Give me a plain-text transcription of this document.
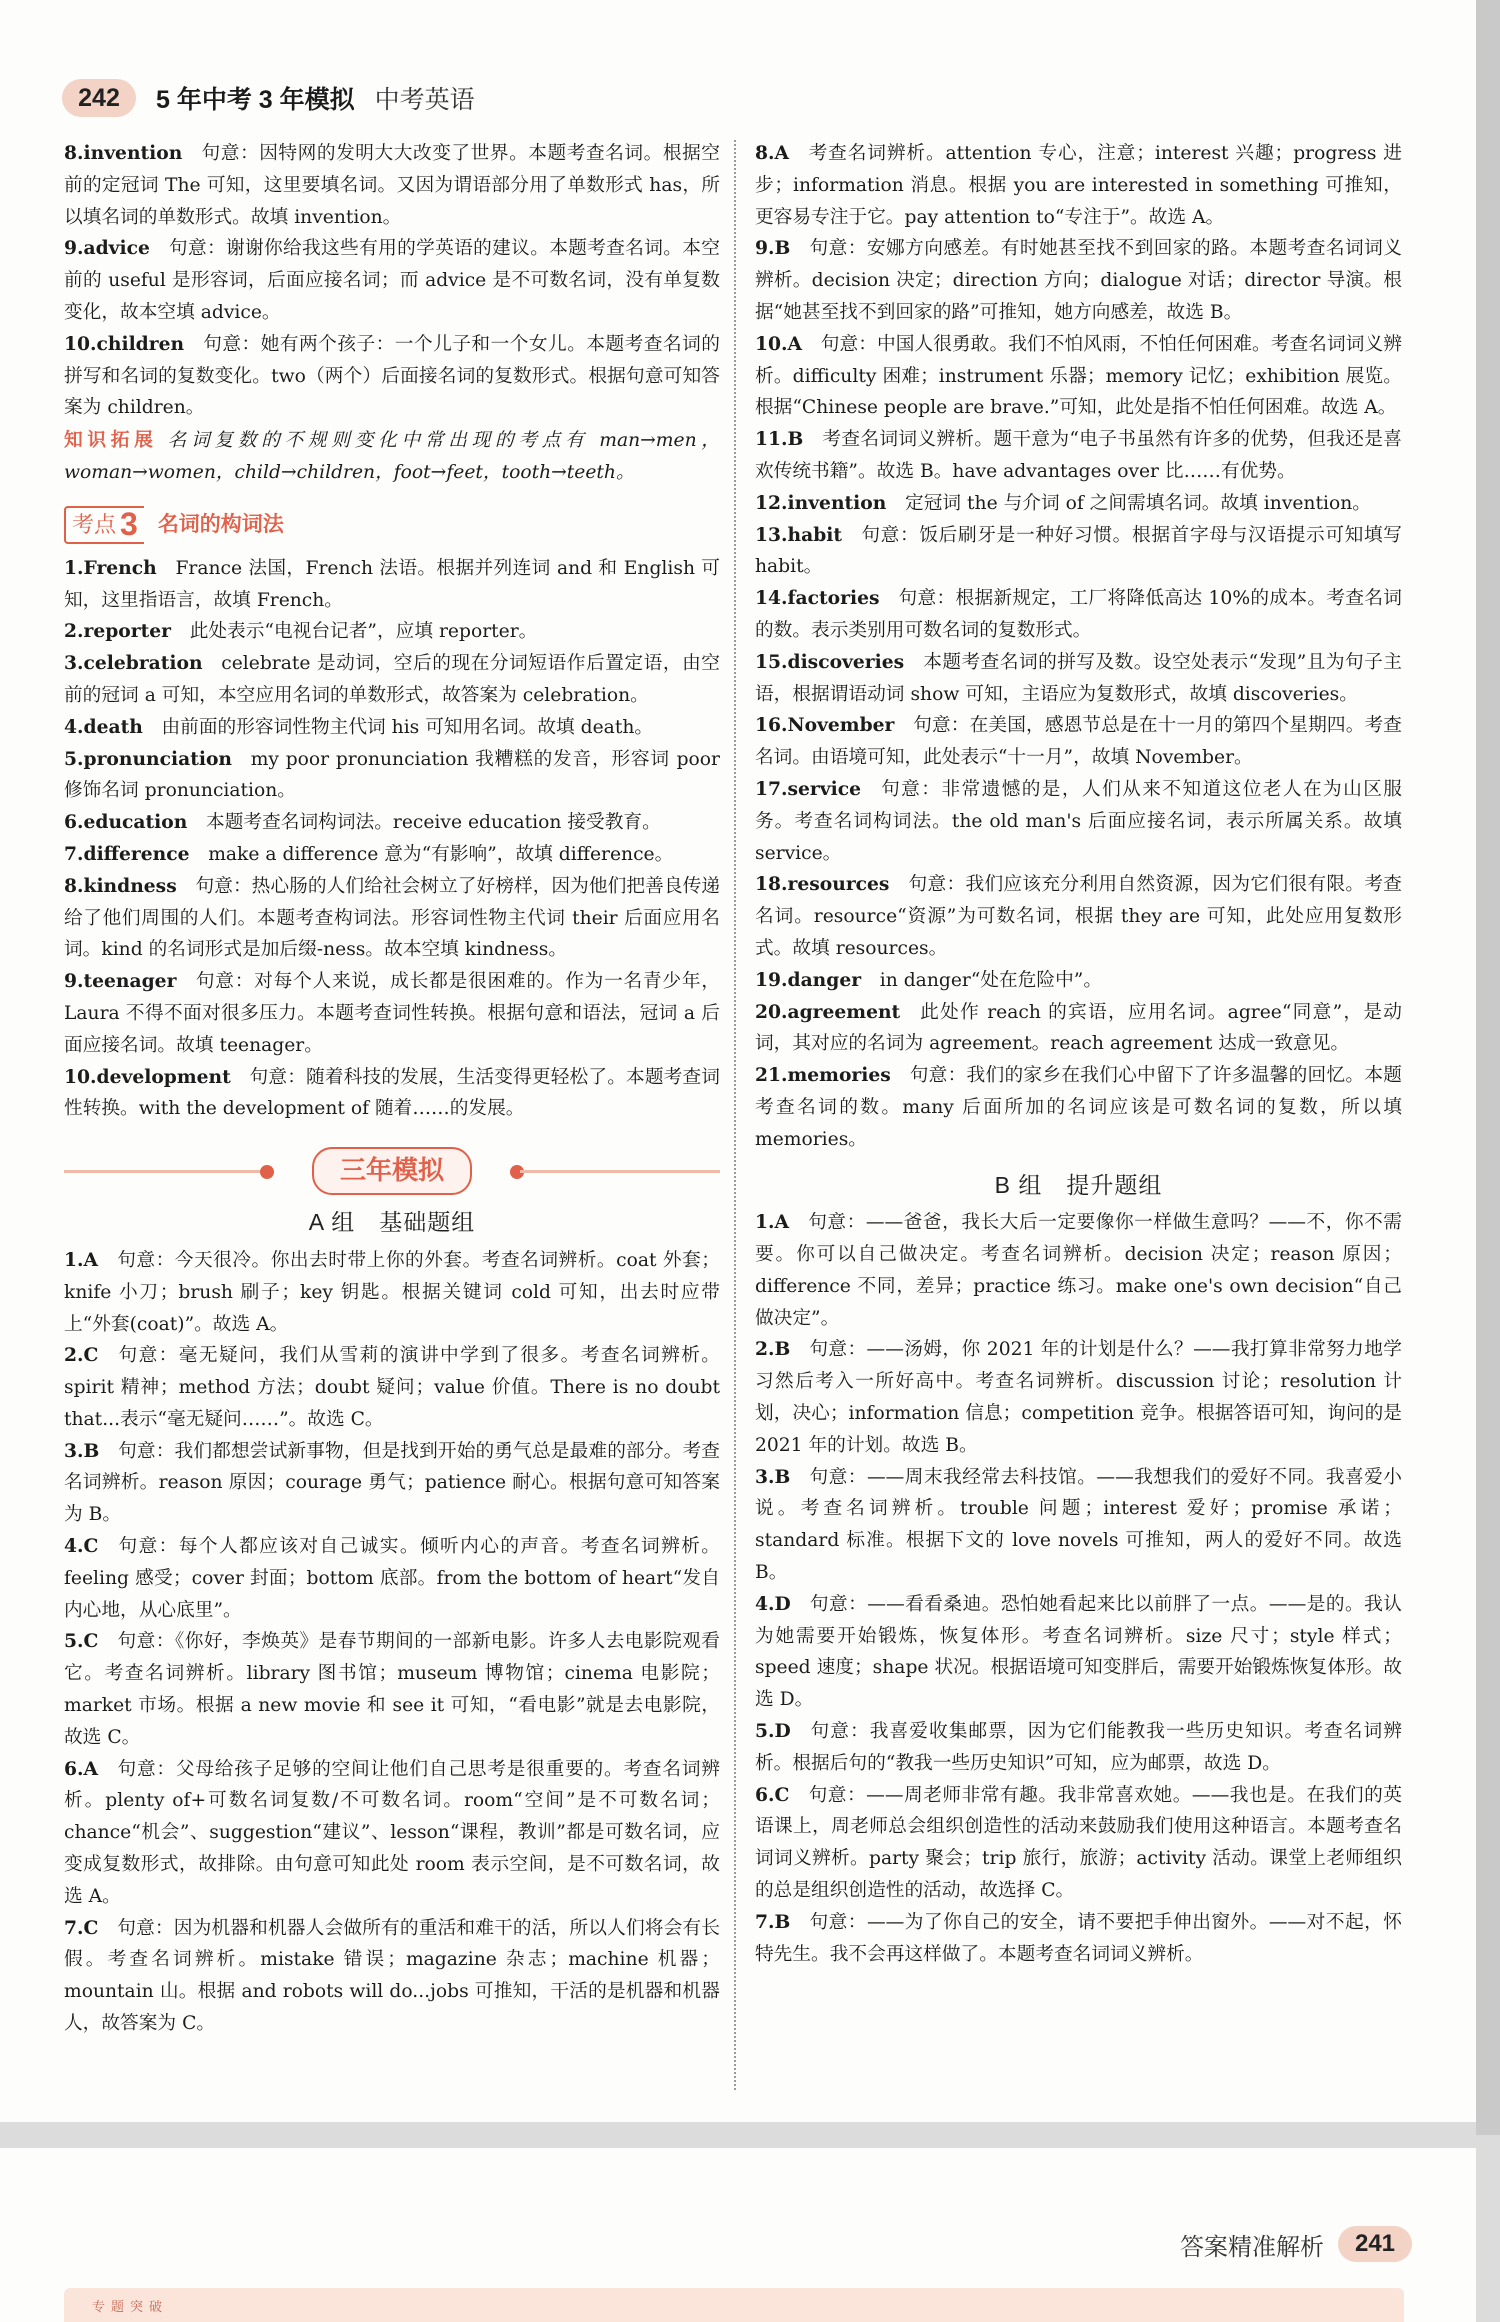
242	5 年中考 3 年模拟 中考英语

8.invention  句意：因特网的发明大大改变了世界。本题考查名词。根据空前的定冠词 The 可知，这里要填名词。又因为谓语部分用了单数形式 has，所以填名词的单数形式。故填 invention。

9.advice  句意：谢谢你给我这些有用的学英语的建议。本题考查名词。本空前的 useful 是形容词，后面应接名词；而 advice 是不可数名词，没有单复数变化，故本空填 advice。

10.children  句意：她有两个孩子：一个儿子和一个女儿。本题考查名词的拼写和名词的复数变化。two（两个）后面接名词的复数形式。根据句意可知答案为 children。

知识拓展 名词复数的不规则变化中常出现的考点有 man→men，woman→women，child→children，foot→feet，tooth→teeth。

考点 3 名词的构词法

1.French  France 法国，French 法语。根据并列连词 and 和 English 可知，这里指语言，故填 French。

2.reporter  此处表示“电视台记者”，应填 reporter。

3.celebration  celebrate 是动词，空后的现在分词短语作后置定语，由空前的冠词 a 可知，本空应用名词的单数形式，故答案为 celebration。

4.death  由前面的形容词性物主代词 his 可知用名词。故填 death。

5.pronunciation  my poor pronunciation 我糟糕的发音，形容词 poor 修饰名词 pronunciation。

6.education  本题考查名词构词法。receive education 接受教育。

7.difference  make a difference 意为“有影响”，故填 difference。

8.kindness  句意：热心肠的人们给社会树立了好榜样，因为他们把善良传递给了他们周围的人们。本题考查构词法。形容词性物主代词 their 后面应用名词。kind 的名词形式是加后缀-ness。故本空填 kindness。

9.teenager  句意：对每个人来说，成长都是很困难的。作为一名青少年，Laura 不得不面对很多压力。本题考查词性转换。根据句意和语法，冠词 a 后面应接名词。故填 teenager。

10.development  句意：随着科技的发展，生活变得更轻松了。本题考查词性转换。with the development of 随着……的发展。

三年模拟
A 组　基础题组

1.A  句意：今天很冷。你出去时带上你的外套。考查名词辨析。coat 外套；knife 小刀；brush 刷子；key 钥匙。根据关键词 cold 可知，出去时应带上“外套(coat)”。故选 A。

2.C  句意：毫无疑问，我们从雪莉的演讲中学到了很多。考查名词辨析。spirit 精神；method 方法；doubt 疑问；value 价值。There is no doubt that...表示“毫无疑问……”。故选 C。

3.B  句意：我们都想尝试新事物，但是找到开始的勇气总是最难的部分。考查名词辨析。reason 原因；courage 勇气；patience 耐心。根据句意可知答案为 B。

4.C  句意：每个人都应该对自己诚实。倾听内心的声音。考查名词辨析。feeling 感受；cover 封面；bottom 底部。from the bottom of heart“发自内心地，从心底里”。

5.C  句意：《你好，李焕英》是春节期间的一部新电影。许多人去电影院观看它。考查名词辨析。library 图书馆；museum 博物馆；cinema 电影院；market 市场。根据 a new movie 和 see it 可知，“看电影”就是去电影院，故选 C。

6.A  句意：父母给孩子足够的空间让他们自己思考是很重要的。考查名词辨析。plenty of+可数名词复数/不可数名词。room“空间”是不可数名词；chance“机会”、suggestion“建议”、lesson“课程，教训”都是可数名词，应变成复数形式，故排除。由句意可知此处 room 表示空间，是不可数名词，故选 A。

7.C  句意：因为机器和机器人会做所有的重活和难干的活，所以人们将会有长假。考查名词辨析。mistake 错误；magazine 杂志；machine 机器；mountain 山。根据 and robots will do...jobs 可推知，干活的是机器和机器人，故答案为 C。

8.A  考查名词辨析。attention 专心，注意；interest 兴趣；progress 进步；information 消息。根据 you are interested in something 可推知，更容易专注于它。pay attention to“专注于”。故选 A。

9.B  句意：安娜方向感差。有时她甚至找不到回家的路。本题考查名词词义辨析。decision 决定；direction 方向；dialogue 对话；director 导演。根据“她甚至找不到回家的路”可推知，她方向感差，故选 B。

10.A  句意：中国人很勇敢。我们不怕风雨，不怕任何困难。考查名词词义辨析。difficulty 困难；instrument 乐器；memory 记忆；exhibition 展览。根据“Chinese people are brave.”可知，此处是指不怕任何困难。故选 A。

11.B  考查名词词义辨析。题干意为“电子书虽然有许多的优势，但我还是喜欢传统书籍”。故选 B。have advantages over 比……有优势。

12.invention  定冠词 the 与介词 of 之间需填名词。故填 invention。

13.habit  句意：饭后刷牙是一种好习惯。根据首字母与汉语提示可知填写 habit。

14.factories  句意：根据新规定，工厂将降低高达 10%的成本。考查名词的数。表示类别用可数名词的复数形式。

15.discoveries  本题考查名词的拼写及数。设空处表示“发现”且为句子主语，根据谓语动词 show 可知，主语应为复数形式，故填 discoveries。

16.November  句意：在美国，感恩节总是在十一月的第四个星期四。考查名词。由语境可知，此处表示“十一月”，故填 November。

17.service  句意：非常遗憾的是，人们从来不知道这位老人在为山区服务。考查名词构词法。the old man's 后面应接名词，表示所属关系。故填 service。

18.resources  句意：我们应该充分利用自然资源，因为它们很有限。考查名词。resource“资源”为可数名词，根据 they are 可知，此处应用复数形式。故填 resources。

19.danger  in danger“处在危险中”。

20.agreement  此处作 reach 的宾语，应用名词。agree“同意”，是动词，其对应的名词为 agreement。reach agreement 达成一致意见。

21.memories  句意：我们的家乡在我们心中留下了许多温馨的回忆。本题考查名词的数。many 后面所加的名词应该是可数名词的复数，所以填 memories。

B 组　提升题组

1.A  句意：——爸爸，我长大后一定要像你一样做生意吗？——不，你不需要。你可以自己做决定。考查名词辨析。decision 决定；reason 原因；difference 不同，差异；practice 练习。make one's own decision“自己做决定”。

2.B  句意：——汤姆，你 2021 年的计划是什么？——我打算非常努力地学习然后考入一所好高中。考查名词辨析。discussion 讨论；resolution 计划，决心；information 信息；competition 竞争。根据答语可知，询问的是 2021 年的计划。故选 B。

3.B  句意：——周末我经常去科技馆。——我想我们的爱好不同。我喜爱小说。考查名词辨析。trouble 问题；interest 爱好；promise 承诺；standard 标准。根据下文的 love novels 可推知，两人的爱好不同。故选 B。

4.D  句意：——看看桑迪。恐怕她看起来比以前胖了一点。——是的。我认为她需要开始锻炼，恢复体形。考查名词辨析。size 尺寸；style 样式；speed 速度；shape 状况。根据语境可知变胖后，需要开始锻炼恢复体形。故选 D。

5.D  句意：我喜爱收集邮票，因为它们能教我一些历史知识。考查名词辨析。根据后句的“教我一些历史知识”可知，应为邮票，故选 D。

6.C  句意：——周老师非常有趣。我非常喜欢她。——我也是。在我们的英语课上，周老师总会组织创造性的活动来鼓励我们使用这种语言。本题考查名词词义辨析。party 聚会；trip 旅行，旅游；activity 活动。课堂上老师组织的总是组织创造性的活动，故选择 C。

7.B  句意：——为了你自己的安全，请不要把手伸出窗外。——对不起，怀特先生。我不会再这样做了。本题考查名词词义辨析。

答案精准解析	241
专题突破
